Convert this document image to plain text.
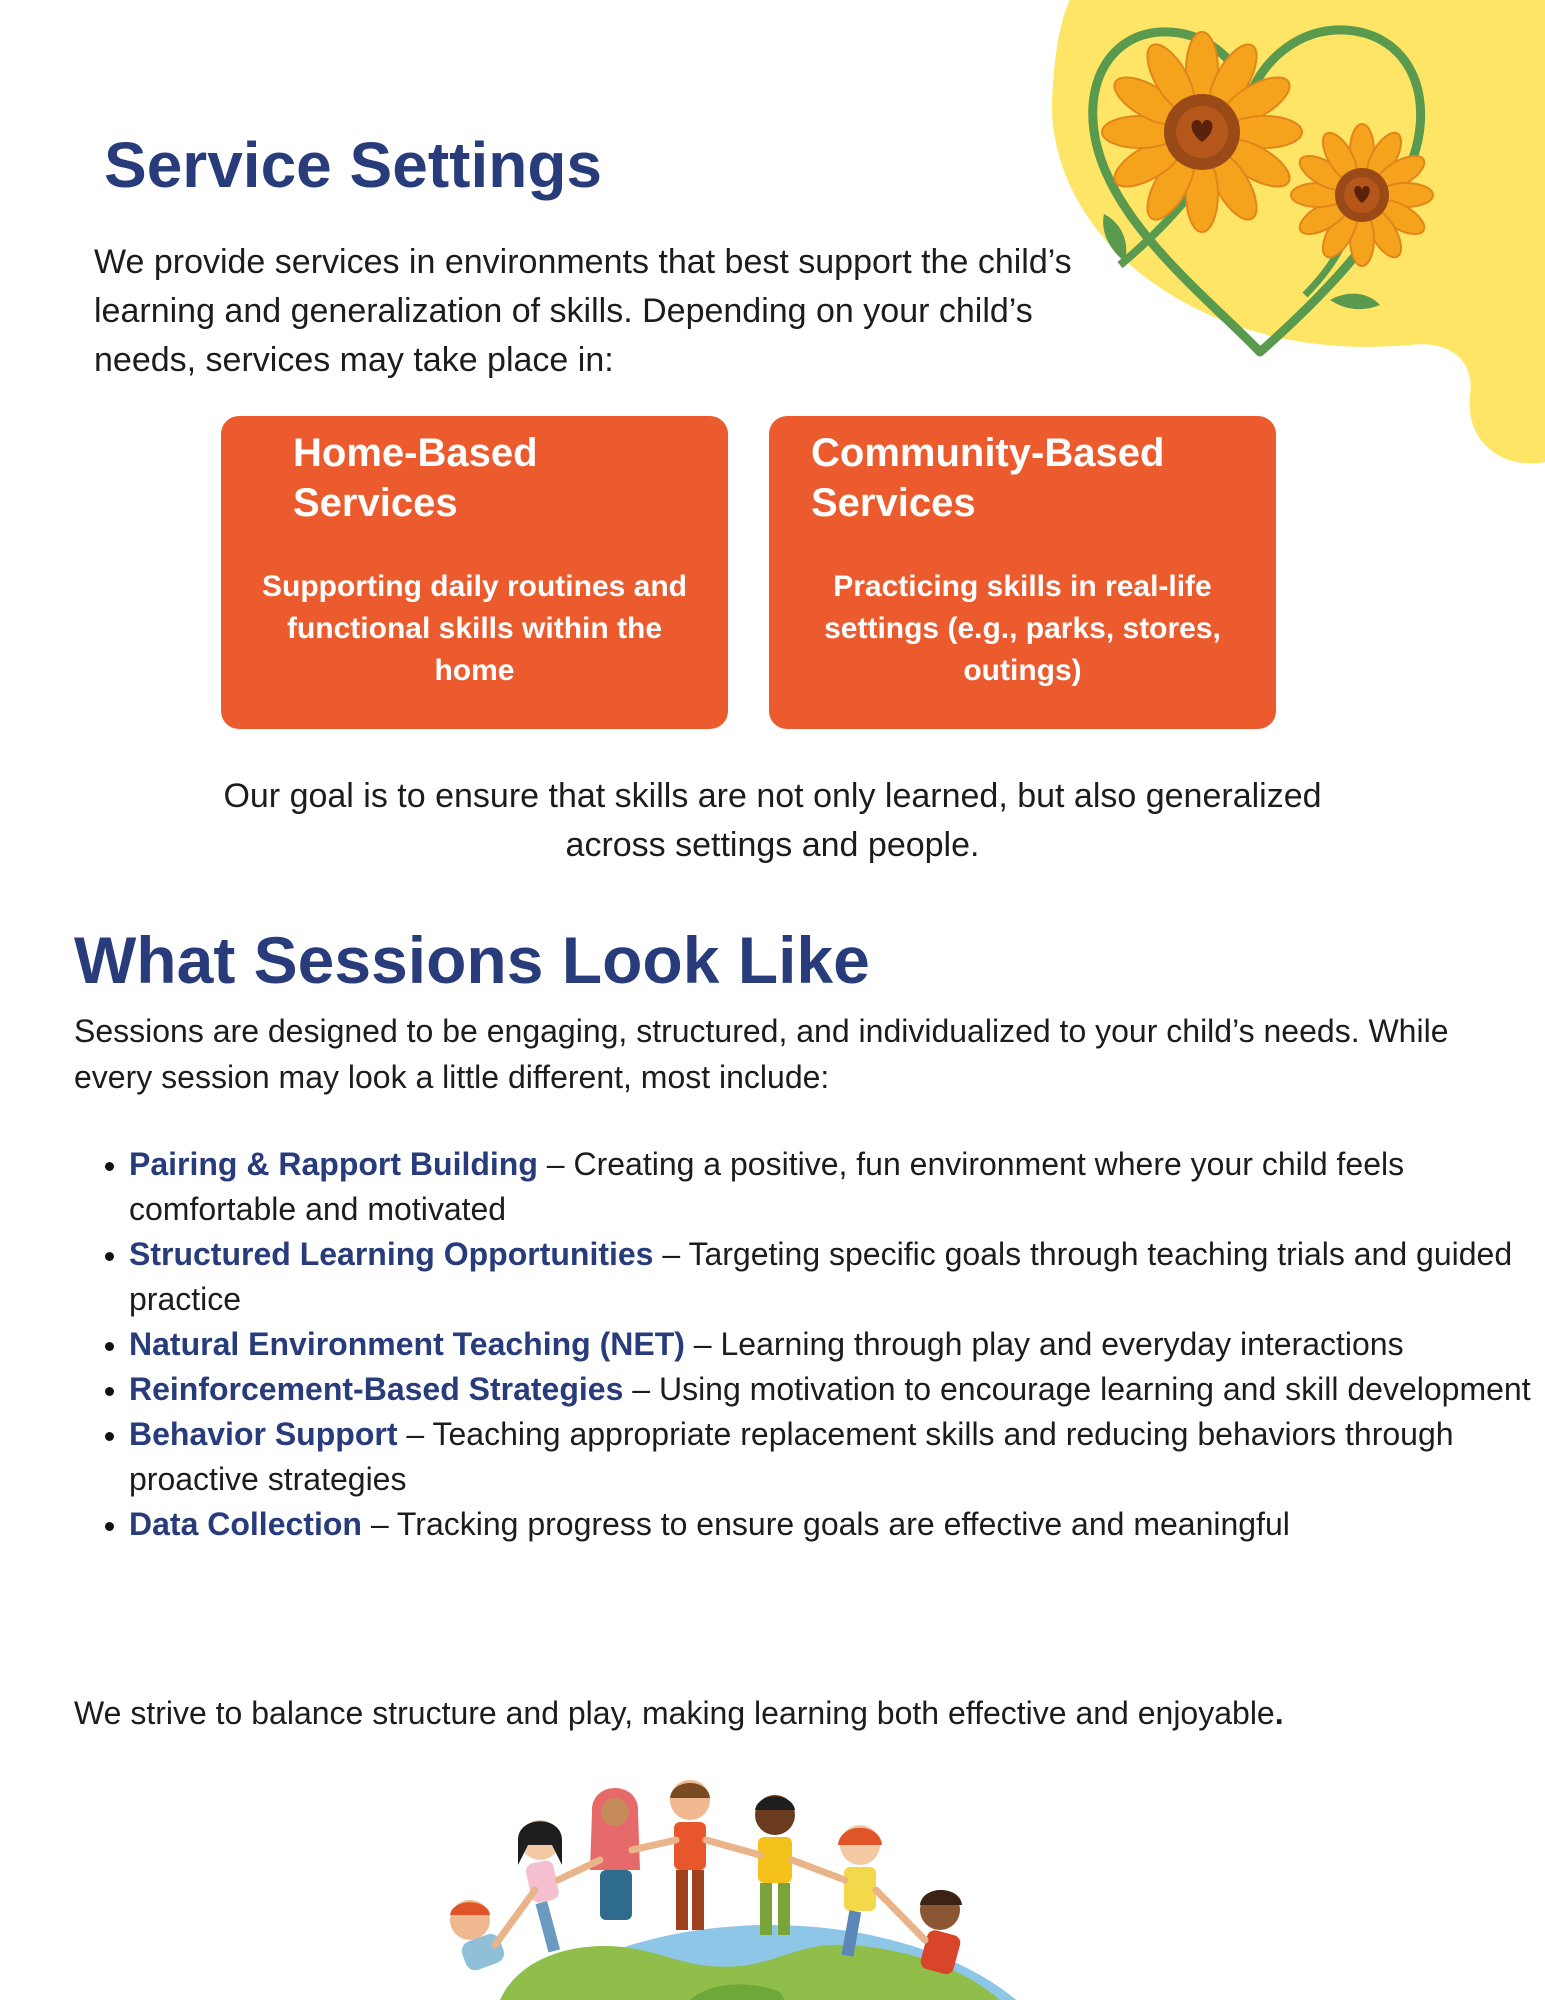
Service Settings

We provide services in environments that best support the child’s learning and generalization of skills. Depending on your child’s needs, services may take place in:

Home-Based
Services
Supporting daily routines and functional skills within the home
Community-Based
Services
Practicing skills in real-life settings (e.g., parks, stores, outings)

Our goal is to ensure that skills are not only learned, but also generalized across settings and people.

What Sessions Look Like

Sessions are designed to be engaging, structured, and individualized to your child’s needs. While every session may look a little different, most include:

• Pairing & Rapport Building – Creating a positive, fun environment where your child feels comfortable and motivated
• Structured Learning Opportunities – Targeting specific goals through teaching trials and guided practice
• Natural Environment Teaching (NET) – Learning through play and everyday interactions
• Reinforcement-Based Strategies – Using motivation to encourage learning and skill development
• Behavior Support – Teaching appropriate replacement skills and reducing behaviors through proactive strategies
• Data Collection – Tracking progress to ensure goals are effective and meaningful

We strive to balance structure and play, making learning both effective and enjoyable.
